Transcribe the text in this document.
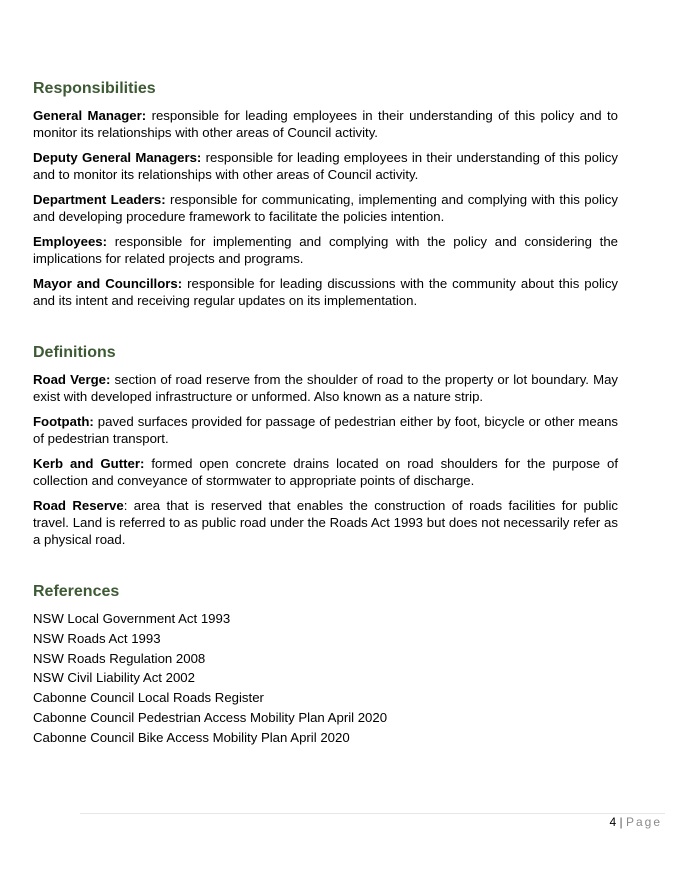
Responsibilities

General Manager: responsible for leading employees in their understanding of this policy and to monitor its relationships with other areas of Council activity.

Deputy General Managers: responsible for leading employees in their understanding of this policy and to monitor its relationships with other areas of Council activity.

Department Leaders: responsible for communicating, implementing and complying with this policy and developing procedure framework to facilitate the policies intention.

Employees: responsible for implementing and complying with the policy and considering the implications for related projects and programs.

Mayor and Councillors: responsible for leading discussions with the community about this policy and its intent and receiving regular updates on its implementation.

Definitions

Road Verge: section of road reserve from the shoulder of road to the property or lot boundary. May exist with developed infrastructure or unformed. Also known as a nature strip.

Footpath: paved surfaces provided for passage of pedestrian either by foot, bicycle or other means of pedestrian transport.

Kerb and Gutter: formed open concrete drains located on road shoulders for the purpose of collection and conveyance of stormwater to appropriate points of discharge.

Road Reserve: area that is reserved that enables the construction of roads facilities for public travel. Land is referred to as public road under the Roads Act 1993 but does not necessarily refer as a physical road.

References

NSW Local Government Act 1993

NSW Roads Act 1993

NSW Roads Regulation 2008

NSW Civil Liability Act 2002

Cabonne Council Local Roads Register

Cabonne Council Pedestrian Access Mobility Plan April 2020

Cabonne Council Bike Access Mobility Plan April 2020

4 | Page
